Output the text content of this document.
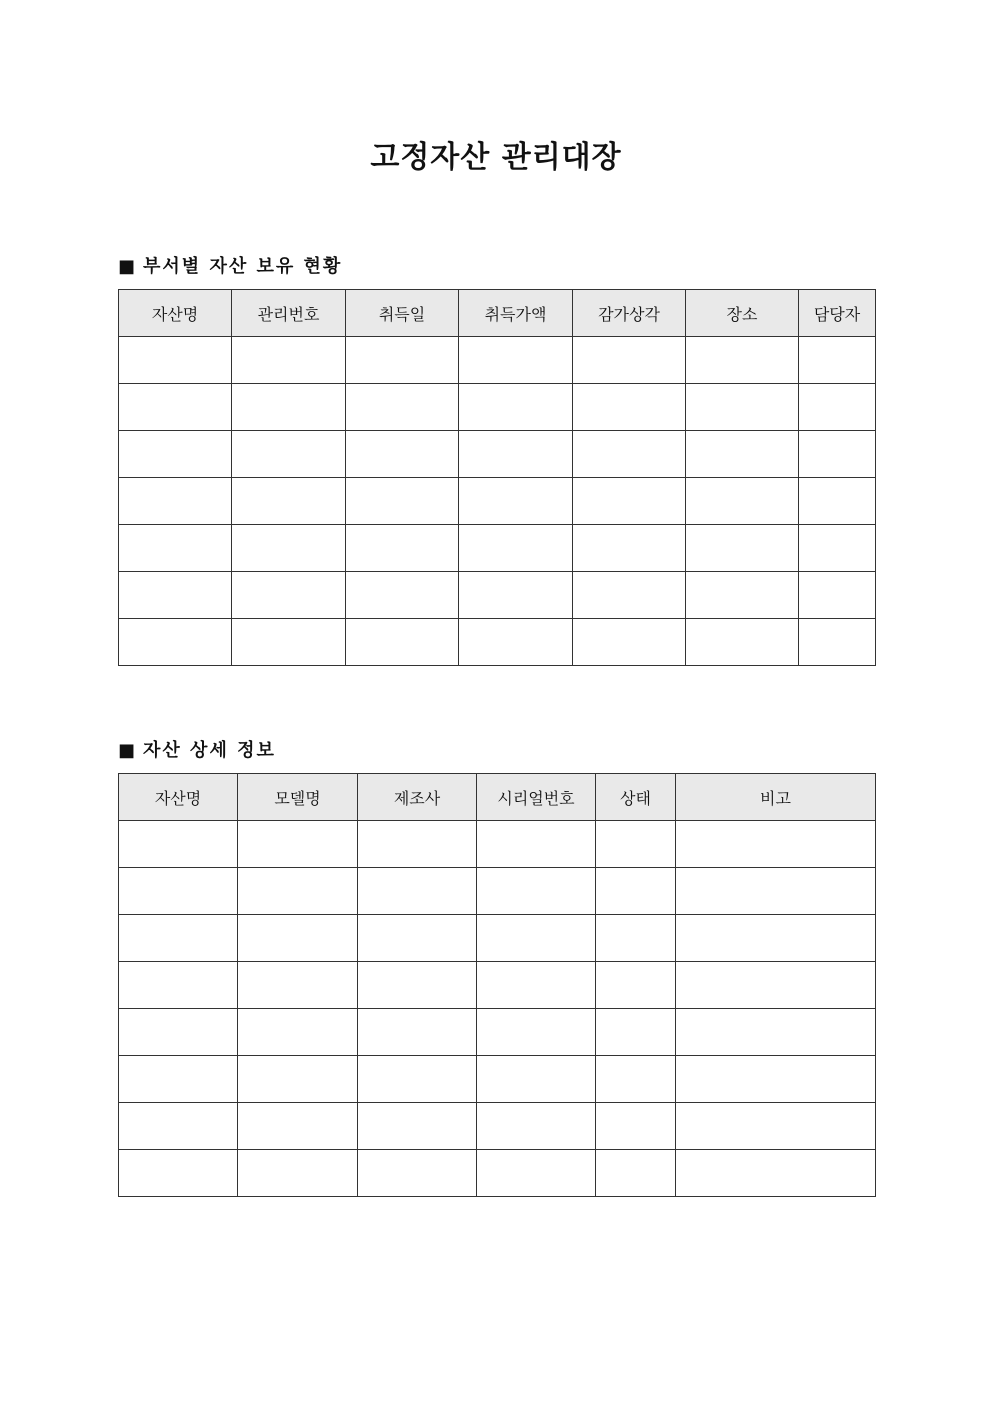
고정자산 관리대장
■ 부서별 자산 보유 현황
자산명	관리번호	취득일	취득가액	감가상각	장소	담당자

■ 자산 상세 정보
자산명	모델명	제조사	시리얼번호	상태	비고
